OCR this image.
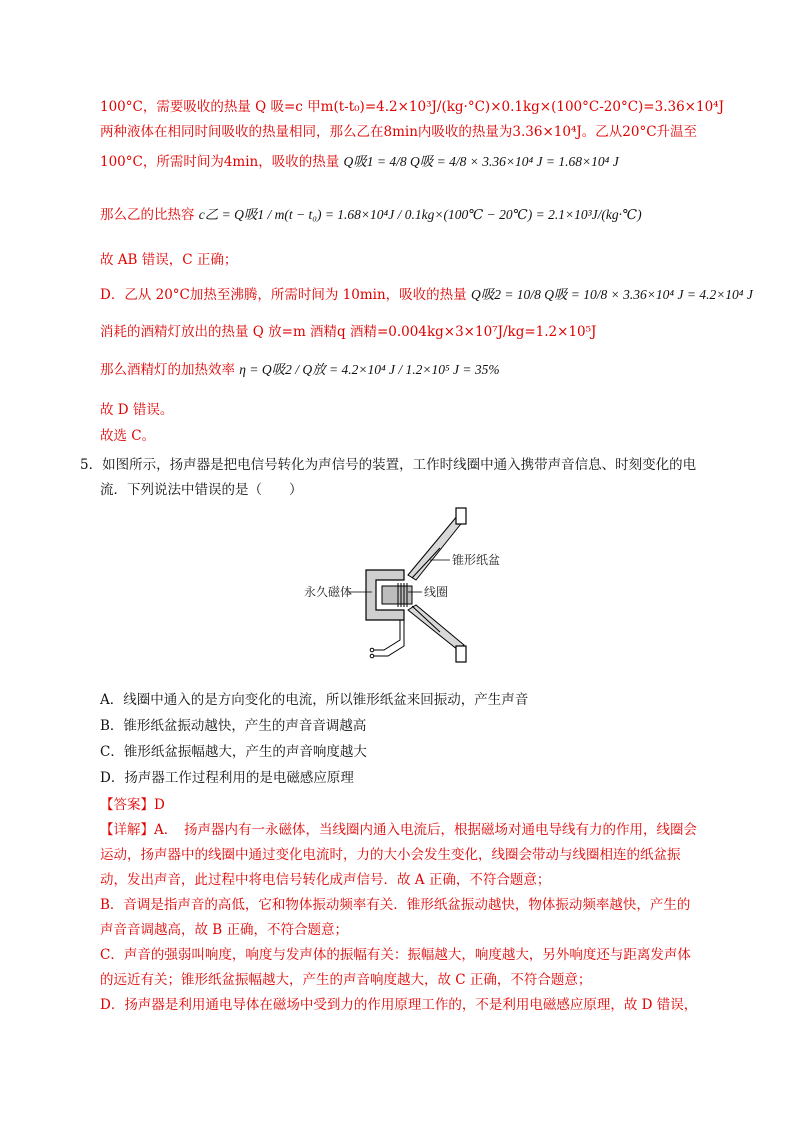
100°C，需要吸收的热量 Q 吸=c 甲m(t-t₀)=4.2×10³J/(kg·°C)×0.1kg×(100°C-20°C)=3.36×10⁴J
两种液体在相同时间吸收的热量相同，那么乙在8min内吸收的热量为3.36×10⁴J。乙从20°C升温至
100°C，所需时间为4min，吸收的热量 Q吸1 = 4/8 Q吸 = 4/8 × 3.36×10⁴ J = 1.68×10⁴ J
那么乙的比热容 c乙 = Q吸1 / m(t − t₀) = 1.68×10⁴J / 0.1kg×(100℃ − 20℃) = 2.1×10³J/(kg·℃)
故 AB 错误，C 正确；
D．乙从 20°C加热至沸腾，所需时间为 10min，吸收的热量 Q吸2 = 10/8 Q吸 = 10/8 × 3.36×10⁴ J = 4.2×10⁴ J
消耗的酒精灯放出的热量 Q 放=m 酒精q 酒精=0.004kg×3×10⁷J/kg=1.2×10⁵J
那么酒精灯的加热效率 η = Q吸2 / Q放 = 4.2×10⁴ J / 1.2×10⁵ J = 35%
故 D 错误。
故选 C。
5．如图所示，扬声器是把电信号转化为声信号的装置，工作时线圈中通入携带声音信息、时刻变化的电
流．下列说法中错误的是（　　）
锥形纸盆
永久磁体	线圈
A．线圈中通入的是方向变化的电流，所以锥形纸盆来回振动，产生声音
B．锥形纸盆振动越快，产生的声音音调越高
C．锥形纸盆振幅越大，产生的声音响度越大
D．扬声器工作过程利用的是电磁感应原理
【答案】D
【详解】A．　扬声器内有一永磁体，当线圈内通入电流后，根据磁场对通电导线有力的作用，线圈会
运动，扬声器中的线圈中通过变化电流时，力的大小会发生变化，线圈会带动与线圈相连的纸盆振
动，发出声音，此过程中将电信号转化成声信号．故 A 正确，不符合题意；
B．音调是指声音的高低，它和物体振动频率有关．锥形纸盆振动越快，物体振动频率越快，产生的
声音音调越高，故 B 正确，不符合题意；
C．声音的强弱叫响度，响度与发声体的振幅有关：振幅越大，响度越大，另外响度还与距离发声体
的远近有关；锥形纸盆振幅越大，产生的声音响度越大，故 C 正确，不符合题意；
D．扬声器是利用通电导体在磁场中受到力的作用原理工作的，不是利用电磁感应原理，故 D 错误，
